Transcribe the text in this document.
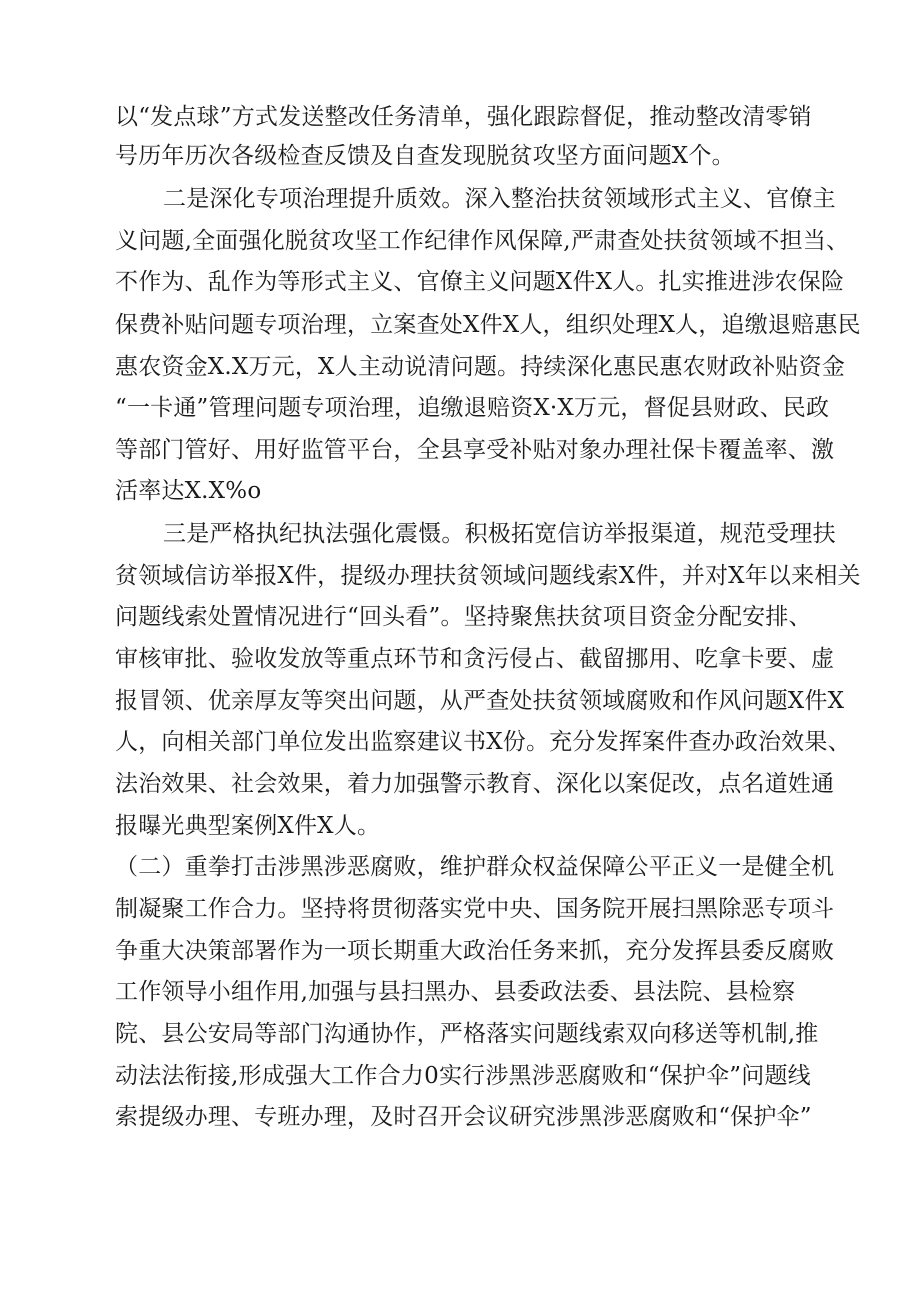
以“发点球”方式发送整改任务清单，强化跟踪督促，推动整改清零销
号历年历次各级检查反馈及自查发现脱贫攻坚方面问题X个。
二是深化专项治理提升质效。深入整治扶贫领域形式主义、官僚主
义问题,全面强化脱贫攻坚工作纪律作风保障,严肃查处扶贫领域不担当、
不作为、乱作为等形式主义、官僚主义问题X件X人。扎实推进涉农保险
保费补贴问题专项治理，立案查处X件X人，组织处理X人，追缴退赔惠民
惠农资金X.X万元，X人主动说清问题。持续深化惠民惠农财政补贴资金
“一卡通”管理问题专项治理，追缴退赔资X·X万元，督促县财政、民政
等部门管好、用好监管平台，全县享受补贴对象办理社保卡覆盖率、激
活率达X.X%o
三是严格执纪执法强化震慑。积极拓宽信访举报渠道，规范受理扶
贫领域信访举报X件，提级办理扶贫领域问题线索X件，并对X年以来相关
问题线索处置情况进行“回头看”。坚持聚焦扶贫项目资金分配安排、
审核审批、验收发放等重点环节和贪污侵占、截留挪用、吃拿卡要、虚
报冒领、优亲厚友等突出问题，从严查处扶贫领域腐败和作风问题X件X
人，向相关部门单位发出监察建议书X份。充分发挥案件查办政治效果、
法治效果、社会效果，着力加强警示教育、深化以案促改，点名道姓通
报曝光典型案例X件X人。
（二）重拳打击涉黑涉恶腐败，维护群众权益保障公平正义一是健全机
制凝聚工作合力。坚持将贯彻落实党中央、国务院开展扫黑除恶专项斗
争重大决策部署作为一项长期重大政治任务来抓，充分发挥县委反腐败
工作领导小组作用,加强与县扫黑办、县委政法委、县法院、县检察
院、县公安局等部门沟通协作，严格落实问题线索双向移送等机制,推
动法法衔接,形成强大工作合力0实行涉黑涉恶腐败和“保护伞”问题线
索提级办理、专班办理，及时召开会议研究涉黑涉恶腐败和“保护伞”
